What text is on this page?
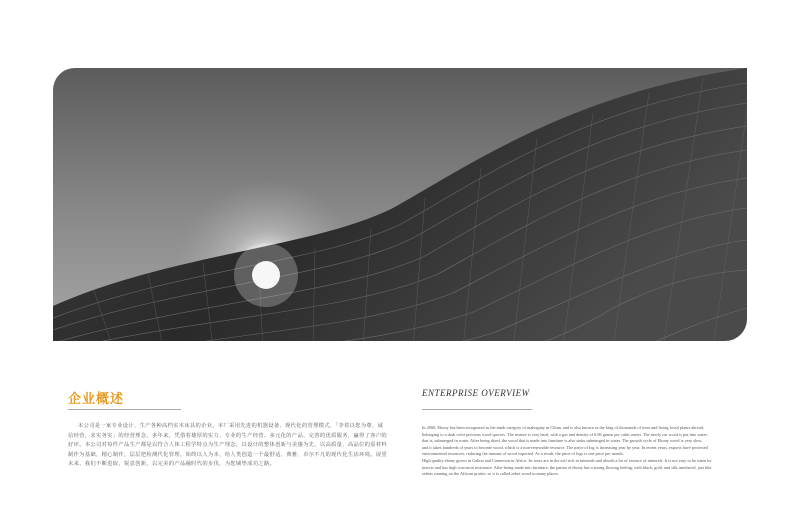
企业概述
本公司是一家专业设计、生产各种高档实木床具的企业。本厂采用先进的机器设备、现代化的管理模式，「李着以您为尊，诚信经营，求实务实」的经营理念，多年来，凭借着雄厚的实力、专业的生产经营、多元化的产品、完善的优质服务，赢得了客户的好评。本公司对每件产品生产都是以符合人体工程学特点为生产理念，以设计的整体创新与美感为先，以高质量、高品位的原材料制作为基础，精心制作，层层把检测代化管理，始终以人为本，给人类创造一个最舒适、典雅、卓尔不凡的现代化生活环境。展望未来，我们不断进取，锐意创新，以完美的产品融时代的步伐，为您铺垫成功之路。
ENTERPRISE OVERVIEW
In 2000, Ebony has been recognized as the ninth category of mahogany in China, and is also known as the king of thousands of trees and living fossil plants abroad,
belonging to a dark color precious wood species. The texture is very hard, with a gas and density of 0.86 grams per cubic meter. The newly cut wood is put into water,
that is, submerged in water. After being dried, the wood that is made into furniture is also sinks submerged in water. The growth cycle of Ebony wood is very slow,
and it takes hundreds of years to become wood, which is a non-renewable resource. The piece of log is increasing year by year. In recent years, exports have protected
environmental resources, reducing the amount of wood exported. As a result, the price of logs is one price per month.
High quality ebony grows in Gabon and Cameroon in Africa. Its roots are in the soil rich in minerals and absorb a lot of essence of minerals. It is not easy to be eaten by
insects and has high corrosion resistance. After being made into furniture, the patina of ebony has a strong flowing feeling, with black, gold, and silk interlaced, just like
zebras running on the African prairie, so it is called zebra wood in many places.
